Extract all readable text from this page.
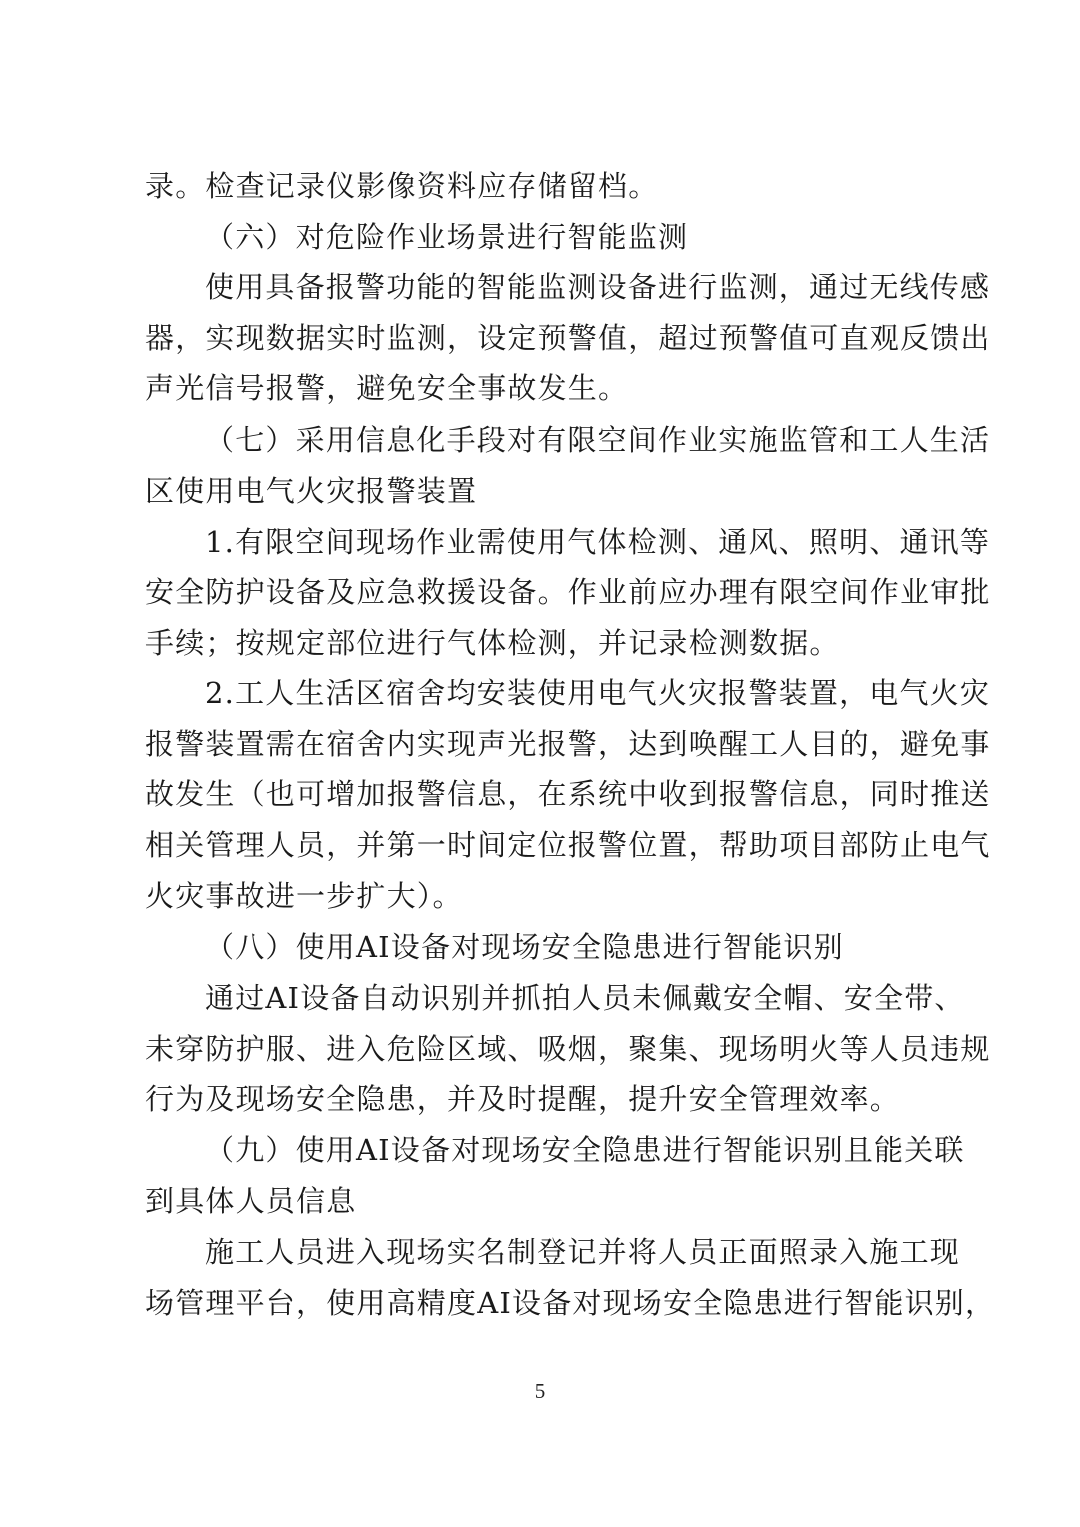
录。检查记录仪影像资料应存储留档。
（六）对危险作业场景进行智能监测
使用具备报警功能的智能监测设备进行监测，通过无线传感
器，实现数据实时监测，设定预警值，超过预警值可直观反馈出
声光信号报警，避免安全事故发生。
（七）采用信息化手段对有限空间作业实施监管和工人生活
区使用电气火灾报警装置
1.有限空间现场作业需使用气体检测、通风、照明、通讯等
安全防护设备及应急救援设备。作业前应办理有限空间作业审批
手续；按规定部位进行气体检测，并记录检测数据。
2.工人生活区宿舍均安装使用电气火灾报警装置，电气火灾
报警装置需在宿舍内实现声光报警，达到唤醒工人目的，避免事
故发生（也可增加报警信息，在系统中收到报警信息，同时推送
相关管理人员，并第一时间定位报警位置，帮助项目部防止电气
火灾事故进一步扩大）。
（八）使用AI设备对现场安全隐患进行智能识别
通过AI设备自动识别并抓拍人员未佩戴安全帽、安全带、
未穿防护服、进入危险区域、吸烟，聚集、现场明火等人员违规
行为及现场安全隐患，并及时提醒，提升安全管理效率。
（九）使用AI设备对现场安全隐患进行智能识别且能关联
到具体人员信息
施工人员进入现场实名制登记并将人员正面照录入施工现
场管理平台，使用高精度AI设备对现场安全隐患进行智能识别，
5
